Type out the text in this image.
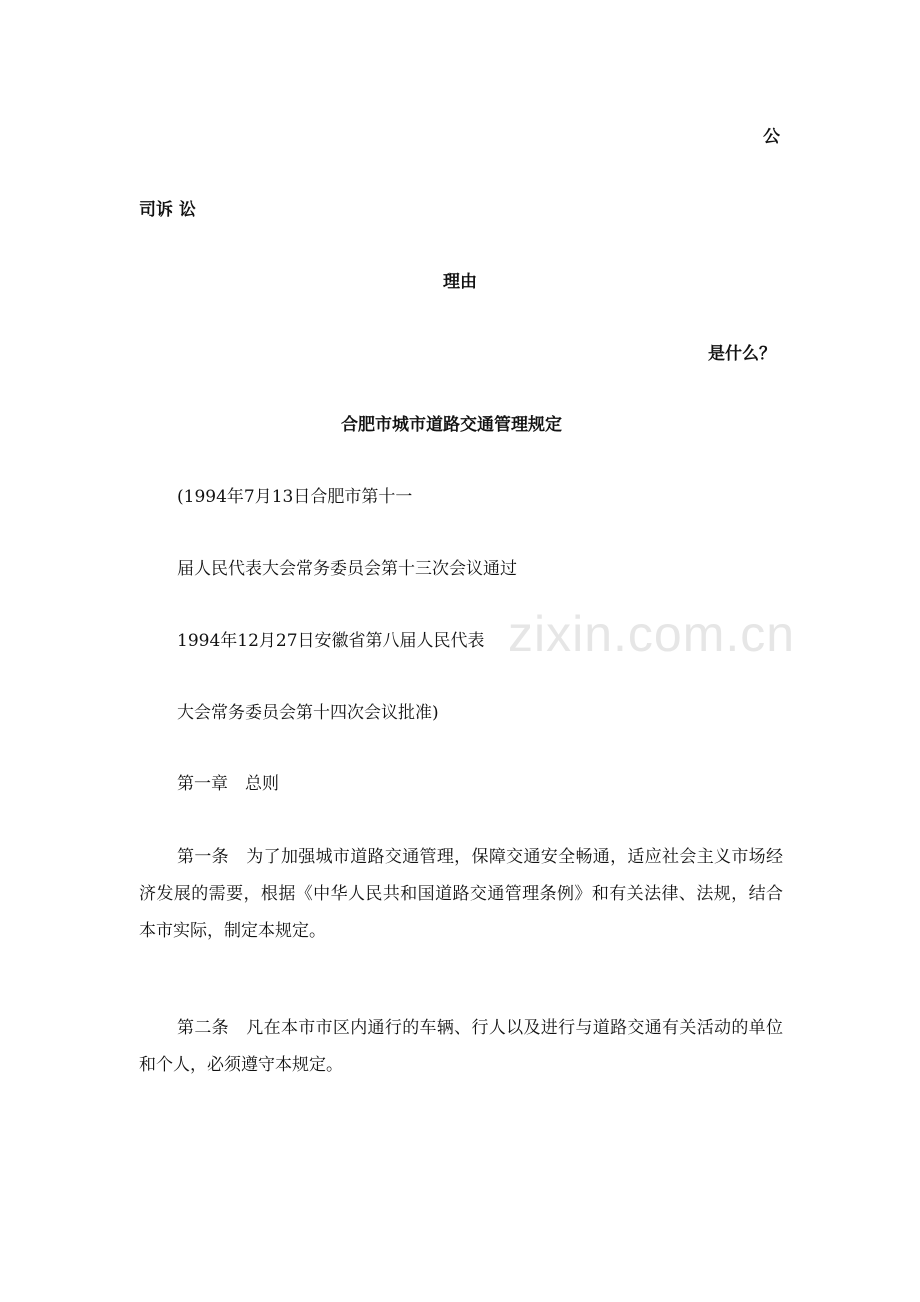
zixin.com.cn
公
司诉 讼
理由
是什么？
合肥市城市道路交通管理规定
(1994年7月13日合肥市第十一
届人民代表大会常务委员会第十三次会议通过
1994年12月27日安徽省第八届人民代表
大会常务委员会第十四次会议批准)
第一章　总则
第一条　为了加强城市道路交通管理，保障交通安全畅通，适应社会主义市场经济发展的需要，根据《中华人民共和国道路交通管理条例》和有关法律、法规，结合本市实际，制定本规定。
第二条　凡在本市市区内通行的车辆、行人以及进行与道路交通有关活动的单位和个人，必须遵守本规定。
